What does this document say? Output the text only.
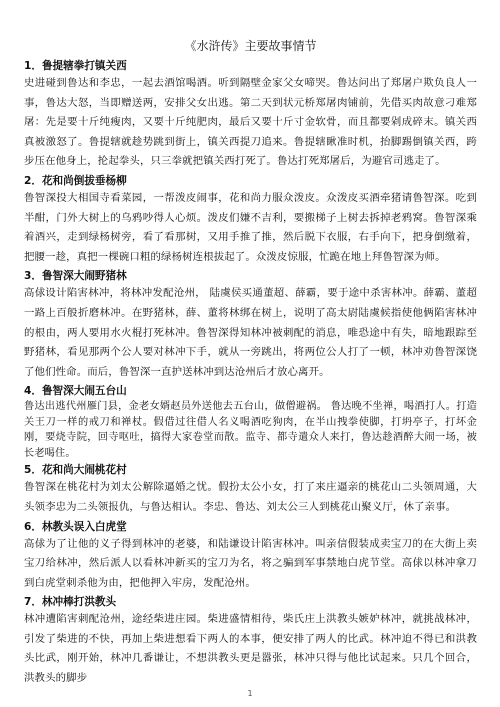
《水浒传》主要故事情节
1．鲁提辖拳打镇关西

史进碰到鲁达和李忠，一起去酒馆喝酒。听到隔壁金家父女啼哭。鲁达问出了郑屠户欺负良人一事，鲁达大怒，当即赠送两，安排父女出逃。第二天到状元桥郑屠肉铺前，先借买肉故意刁难郑屠：先是要十斤纯瘦肉，又要十斤纯肥肉，最后又要十斤寸金软骨，而且都要剁成碎末。镇关西真被激怒了。鲁提辖就趁势跳到街上，镇关西提刀追来。鲁提辖瞅准时机，抬脚踢倒镇关西，跨步压在他身上，抡起拳头，只三拳就把镇关西打死了。鲁达打死郑屠后，为避官司逃走了。

2．花和尚倒拔垂杨柳

鲁智深投大相国寺看菜园，一帮泼皮闹事，花和尚力服众泼皮。众泼皮买酒牵猪请鲁智深。吃到半酣，门外大树上的乌鸦吵得人心烦。泼皮们嫌不吉利，要搬梯子上树去拆掉老鸦窝。鲁智深乘着酒兴，走到绿杨树旁，看了看那树，又用手推了推，然后脱下衣服，右手向下，把身倒缴着，把腰一趁，真把一棵碗口粗的绿杨树连根拔起了。众泼皮惊服，忙跪在地上拜鲁智深为师。

3．鲁智深大闹野猪林

高俅设计陷害林冲，将林冲发配沧州， 陆虞侯买通董超、薛霸，要于途中杀害林冲。薛霸、董超一路上百般折磨林冲。在野猪林，薛、董将林绑在树上，说明了高太尉陆虞候指使他俩陷害林冲的根由，两人要用水火棍打死林冲。鲁智深得知林冲被刺配的消息，唯恐途中有失，暗地跟踪至野猪林，看见那两个公人要对林冲下手，就从一旁跳出，将两位公人打了一顿，林冲劝鲁智深饶了他们性命。而后，鲁智深一直护送林冲到达沧州后才放心离开。

4．鲁智深大闹五台山

鲁达出逃代州雁门县，金老女婿赵员外送他去五台山，做僧避祸。 鲁达晚不坐禅，喝酒打人。打造关王刀一样的戒刀和禅杖。假借过往借人名义喝酒吃狗肉，在半山拽拳使脚，打坍亭子，打坏金刚，要烧寺院，回寺呕吐，搞得大家卷堂而散。监寺、都寺遣众人来打，鲁达趁酒醉大闹一场，被长老喝住。

5．花和尚大闹桃花村

鲁智深在桃花村为刘太公解除逼婚之忧。假扮太公小女，打了来庄逼亲的桃花山二头领周通，大头领李忠为二头领报仇，与鲁达相认。李忠、鲁达、刘太公三人到桃花山聚义厅，休了亲事。

6．林教头误入白虎堂

高俅为了让他的义子得到林冲的老婆，和陆谦设计陷害林冲。叫亲信假装成卖宝刀的在大街上卖宝刀给林冲，然后派人以看林冲新买的宝刀为名，将之骗到军事禁地白虎节堂。高俅以林冲拿刀到白虎堂刺杀他为由，把他押入牢房，发配沧州。

7．林冲棒打洪教头

林冲遭陷害刺配沧州，途经柴进庄园。柴进盛情相待，柴氏庄上洪教头嫉妒林冲，就挑战林冲，引发了柴进的不快，再加上柴进想看下两人的本事，便安排了两人的比武。林冲迫不得已和洪教头比武，刚开始，林冲几番谦让，不想洪教头更是嚣张，林冲只得与他比试起来。只几个回合，洪教头的脚步

1
